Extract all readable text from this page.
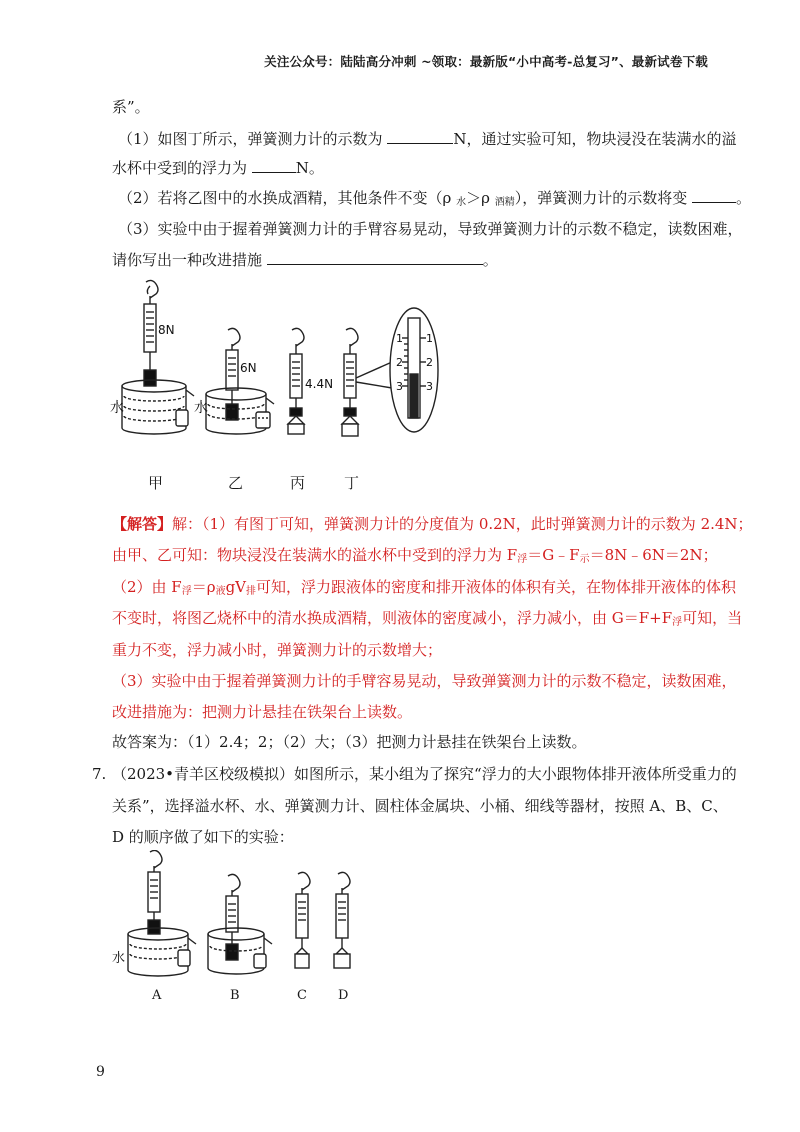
关注公众号：陆陆高分冲刺 ~领取：最新版“小中高考-总复习”、最新试卷下载
系”。
（1）如图丁所示，弹簧测力计的示数为	N，通过实验可知，物块浸没在装满水的溢
水杯中受到的浮力为	N。
（2）若将乙图中的水换成酒精，其他条件不变（ρ $_水$＞ρ $_{酒精}$），弹簧测力计的示数将变	。
（3）实验中由于握着弹簧测力计的手臂容易晃动，导致弹簧测力计的示数不稳定，读数困难，
请你写出一种改进措施	。
8N
6N
4.4N
1
2
3
1
2
3
水	水
甲	乙	丙	丁
【解答】解：（1）有图丁可知，弹簧测力计的分度值为 0.2N，此时弹簧测力计的示数为 2.4N；
由甲、乙可知：物块浸没在装满水的溢水杯中受到的浮力为 $F_浮=G﹣F_示=8N﹣6N=2N$；
（2）由 $F_浮=\rho_液gV_排$可知，浮力跟液体的密度和排开液体的体积有关，在物体排开液体的体积
不变时，将图乙烧杯中的清水换成酒精，则液体的密度减小，浮力减小，由 $G=F+F_浮$可知，当
重力不变，浮力减小时，弹簧测力计的示数增大；
（3）实验中由于握着弹簧测力计的手臂容易晃动，导致弹簧测力计的示数不稳定，读数困难，
改进措施为：把测力计悬挂在铁架台上读数。
故答案为：（1）2.4；2；（2）大；（3）把测力计悬挂在铁架台上读数。
7. （2023•青羊区校级模拟）如图所示，某小组为了探究“浮力的大小跟物体排开液体所受重力的
关系”，选择溢水杯、水、弹簧测力计、圆柱体金属块、小桶、细线等器材，按照 A、B、C、
D 的顺序做了如下的实验：
水
A	B	C D
9
